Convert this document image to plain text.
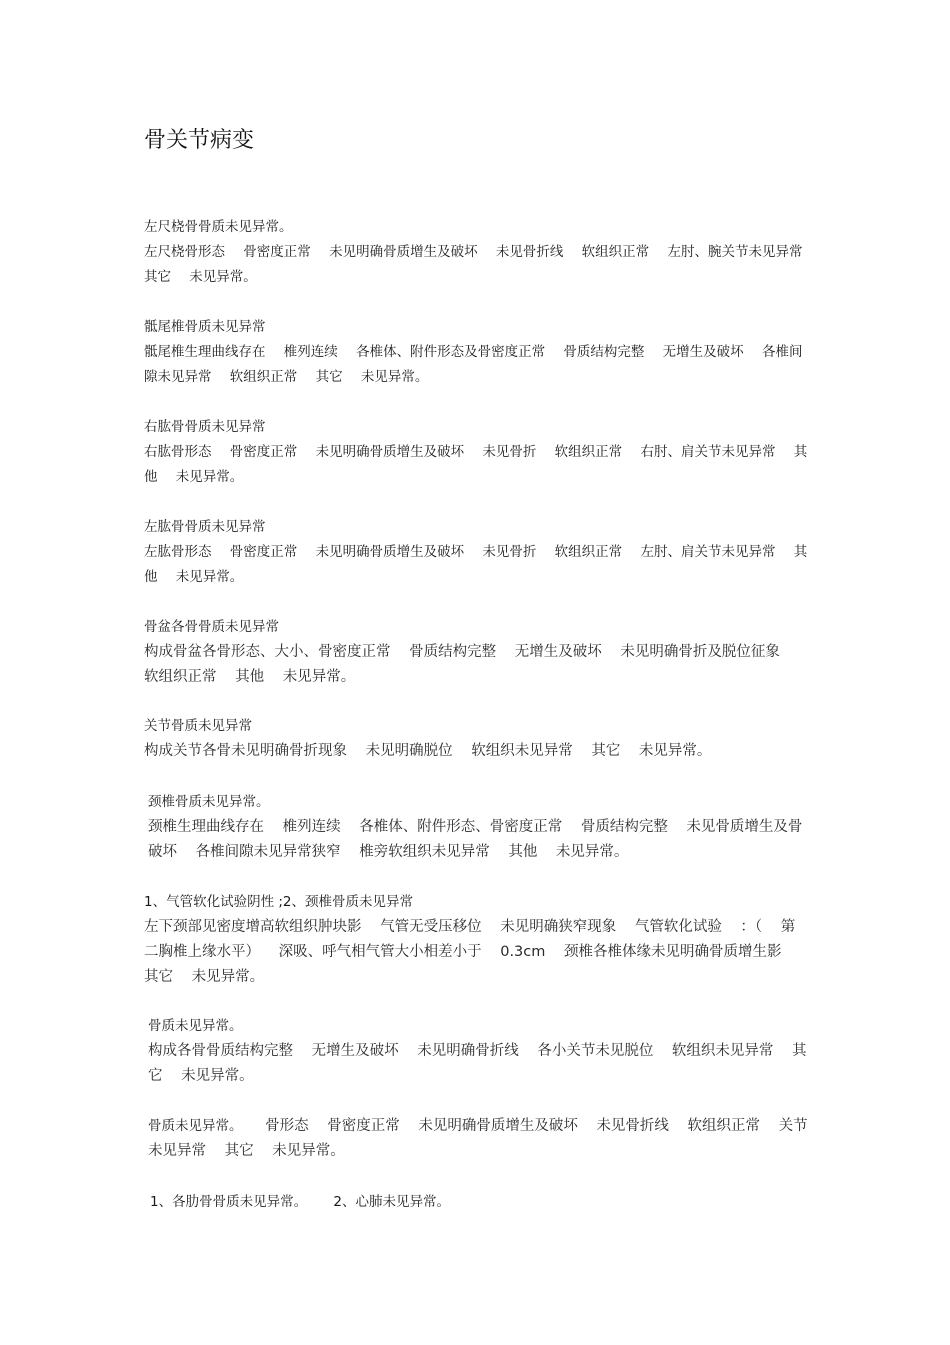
骨关节病变
左尺桡骨骨质未见异常。
左尺桡骨形态 骨密度正常 未见明确骨质增生及破坏 未见骨折线 软组织正常 左肘、腕关节未见异常 其它 未见异常。
骶尾椎骨质未见异常
骶尾椎生理曲线存在 椎列连续 各椎体、附件形态及骨密度正常 骨质结构完整 无增生及破坏 各椎间隙未见异常 软组织正常 其它 未见异常。
右肱骨骨质未见异常
右肱骨形态 骨密度正常 未见明确骨质增生及破坏 未见骨折 软组织正常 右肘、肩关节未见异常 其他 未见异常。
左肱骨骨质未见异常
左肱骨形态 骨密度正常 未见明确骨质增生及破坏 未见骨折 软组织正常 左肘、肩关节未见异常 其他 未见异常。
骨盆各骨骨质未见异常
构成骨盆各骨形态、大小、骨密度正常 骨质结构完整 无增生及破坏 未见明确骨折及脱位征象 软组织正常 其他 未见异常。
关节骨质未见异常
构成关节各骨未见明确骨折现象 未见明确脱位 软组织未见异常 其它 未见异常。
颈椎骨质未见异常。
颈椎生理曲线存在 椎列连续 各椎体、附件形态、骨密度正常 骨质结构完整 未见骨质增生及骨破坏 各椎间隙未见异常狭窄 椎旁软组织未见异常 其他 未见异常。
1、气管软化试验阴性 ;2、颈椎骨质未见异常
左下颈部见密度增高软组织肿块影 气管无受压移位 未见明确狭窄现象 气管软化试验 ：（ 第二胸椎上缘水平） 深吸、呼气相气管大小相差小于 0.3cm 颈椎各椎体缘未见明确骨质增生影 其它 未见异常。
骨质未见异常。
构成各骨骨质结构完整 无增生及破坏 未见明确骨折线 各小关节未见脱位 软组织未见异常 其它 未见异常。
骨质未见异常。 骨形态 骨密度正常 未见明确骨质增生及破坏 未见骨折线 软组织正常 关节未见异常 其它 未见异常。
1、各肋骨骨质未见异常。 2、心肺未见异常。
